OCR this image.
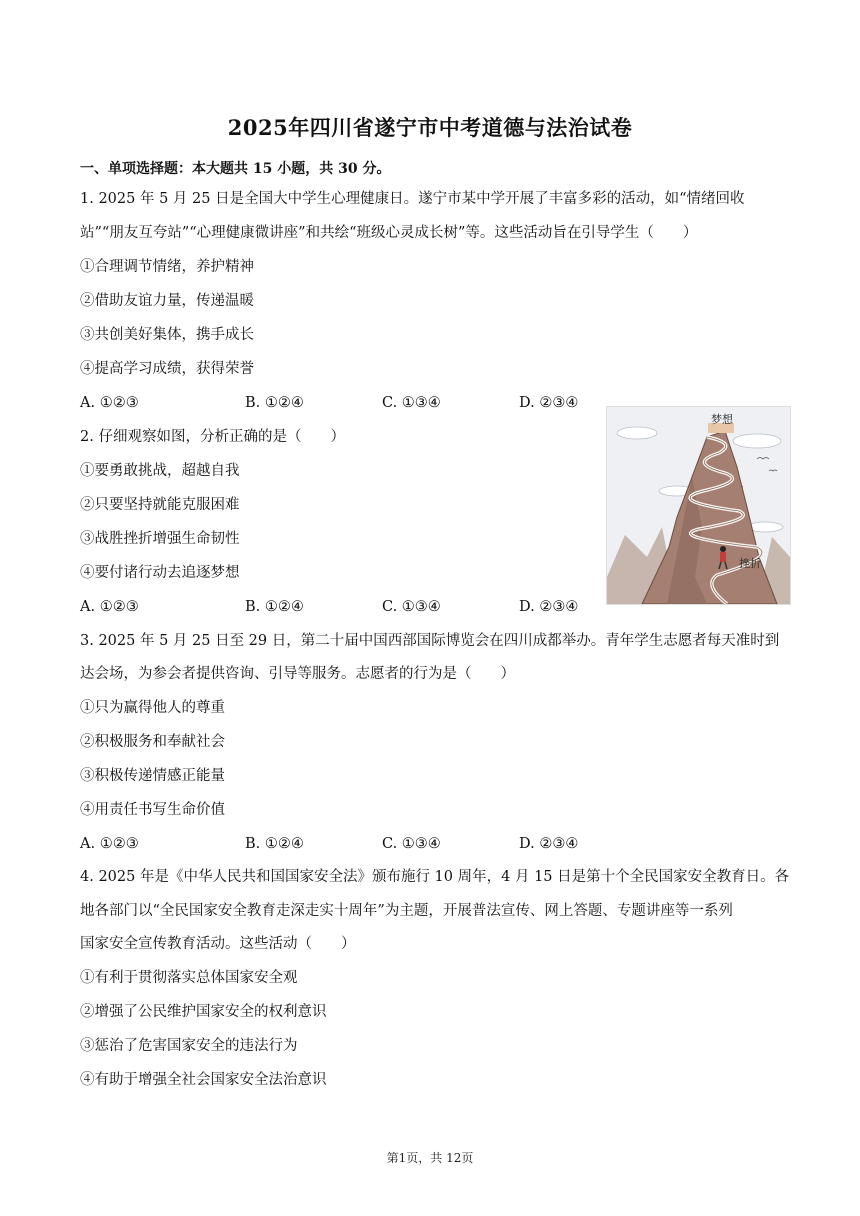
2025年四川省遂宁市中考道德与法治试卷
一、单项选择题：本大题共 15 小题，共 30 分。
1. 2025 年 5 月 25 日是全国大中学生心理健康日。遂宁市某中学开展了丰富多彩的活动，如“情绪回收
站”“朋友互夸站”“心理健康微讲座”和共绘“班级心灵成长树”等。这些活动旨在引导学生（　　）
①合理调节情绪，养护精神
②借助友谊力量，传递温暖
③共创美好集体，携手成长
④提高学习成绩，获得荣誉
A. ①②③	B. ①②④	C. ①③④	D. ②③④
2. 仔细观察如图，分析正确的是（　　）
①要勇敢挑战，超越自我
②只要坚持就能克服困难
③战胜挫折增强生命韧性
④要付诸行动去追逐梦想
A. ①②③	B. ①②④	C. ①③④	D. ②③④
梦想
挫折
3. 2025 年 5 月 25 日至 29 日，第二十届中国西部国际博览会在四川成都举办。青年学生志愿者每天准时到
达会场，为参会者提供咨询、引导等服务。志愿者的行为是（　　）
①只为赢得他人的尊重
②积极服务和奉献社会
③积极传递情感正能量
④用责任书写生命价值
A. ①②③	B. ①②④	C. ①③④	D. ②③④
4. 2025 年是《中华人民共和国国家安全法》颁布施行 10 周年，4 月 15 日是第十个全民国家安全教育日。各
地各部门以“全民国家安全教育走深走实十周年”为主题，开展普法宣传、网上答题、专题讲座等一系列
国家安全宣传教育活动。这些活动（　　）
①有利于贯彻落实总体国家安全观
②增强了公民维护国家安全的权利意识
③惩治了危害国家安全的违法行为
④有助于增强全社会国家安全法治意识
第1页，共 12页
